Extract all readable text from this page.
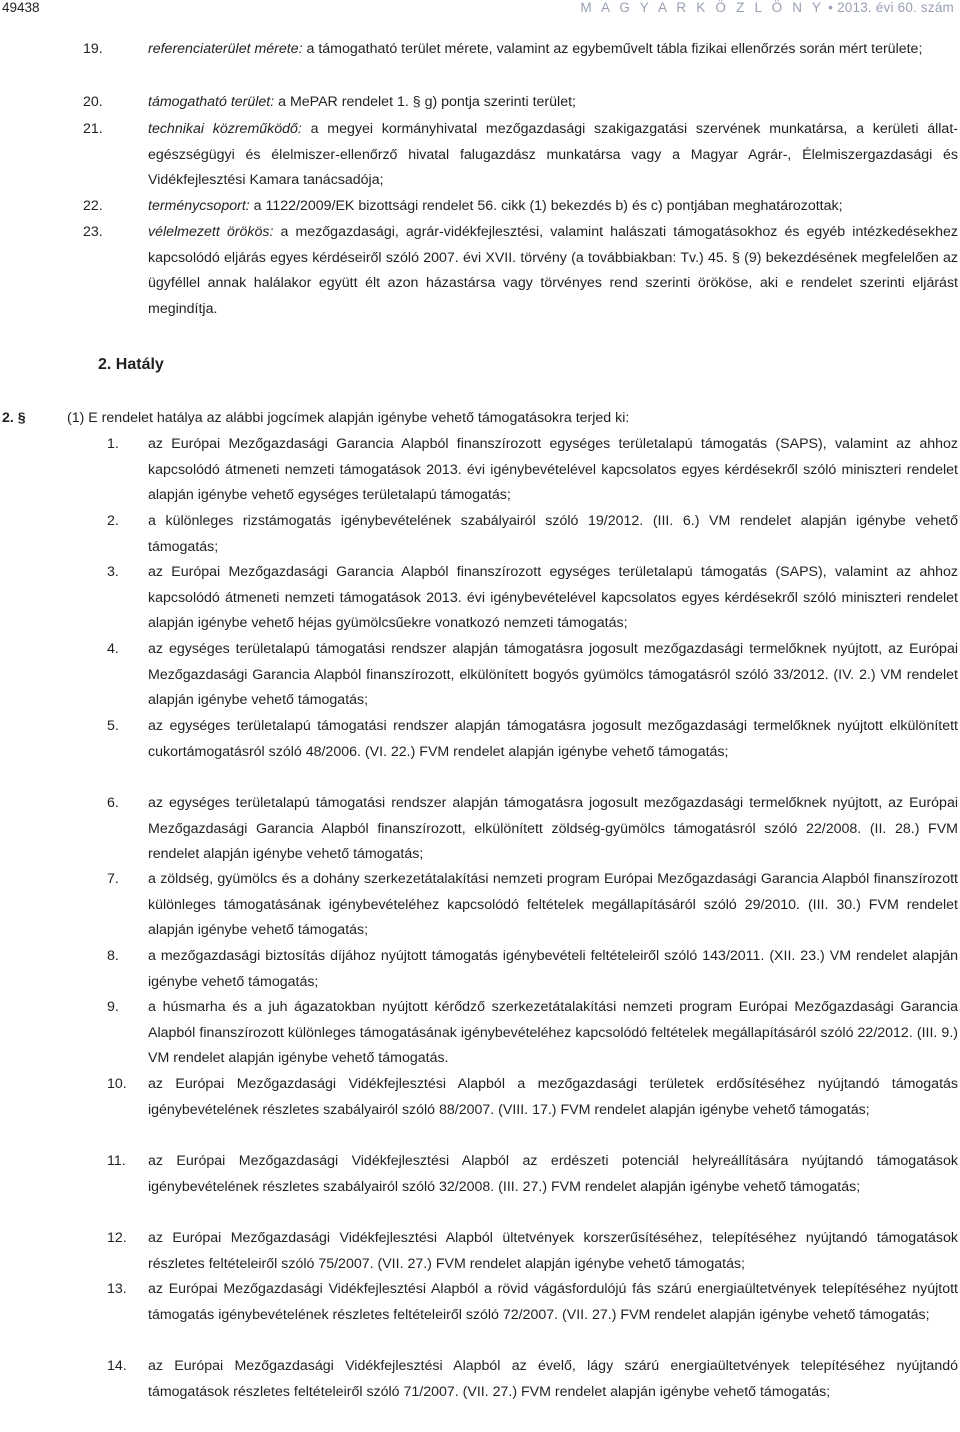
49438	M A G Y A R K Ö Z L Ö N Y • 2013. évi 60. szám
19.	referenciaterület mérete: a támogatható terület mérete, valamint az egybeművelt tábla fizikai ellenőrzés során mért területe;
20.	támogatható terület: a MePAR rendelet 1. § g) pontja szerinti terület;
21.	technikai közreműködő: a megyei kormányhivatal mezőgazdasági szakigazgatási szervének munkatársa, a kerületi állat-egészségügyi és élelmiszer-ellenőrző hivatal falugazdász munkatársa vagy a Magyar Agrár-, Élelmiszergazdasági és Vidékfejlesztési Kamara tanácsadója;
22.	terménycsoport: a 1122/2009/EK bizottsági rendelet 56. cikk (1) bekezdés b) és c) pontjában meghatározottak;
23.	vélelmezett örökös: a mezőgazdasági, agrár-vidékfejlesztési, valamint halászati támogatásokhoz és egyéb intézkedésekhez kapcsolódó eljárás egyes kérdéseiről szóló 2007. évi XVII. törvény (a továbbiakban: Tv.) 45. § (9) bekezdésének megfelelően az ügyféllel annak halálakor együtt élt azon házastársa vagy törvényes rend szerinti örököse, aki e rendelet szerinti eljárást megindítja.
2. Hatály
2. §	(1) E rendelet hatálya az alábbi jogcímek alapján igénybe vehető támogatásokra terjed ki:
1. az Európai Mezőgazdasági Garancia Alapból finanszírozott egységes területalapú támogatás (SAPS), valamint az ahhoz kapcsolódó átmeneti nemzeti támogatások 2013. évi igénybevételével kapcsolatos egyes kérdésekről szóló miniszteri rendelet alapján igénybe vehető egységes területalapú támogatás;
2. a különleges rizstámogatás igénybevételének szabályairól szóló 19/2012. (III. 6.) VM rendelet alapján igénybe vehető támogatás;
3. az Európai Mezőgazdasági Garancia Alapból finanszírozott egységes területalapú támogatás (SAPS), valamint az ahhoz kapcsolódó átmeneti nemzeti támogatások 2013. évi igénybevételével kapcsolatos egyes kérdésekről szóló miniszteri rendelet alapján igénybe vehető héjas gyümölcsűekre vonatkozó nemzeti támogatás;
4. az egységes területalapú támogatási rendszer alapján támogatásra jogosult mezőgazdasági termelőknek nyújtott, az Európai Mezőgazdasági Garancia Alapból finanszírozott, elkülönített bogyós gyümölcs támogatásról szóló 33/2012. (IV. 2.) VM rendelet alapján igénybe vehető támogatás;
5. az egységes területalapú támogatási rendszer alapján támogatásra jogosult mezőgazdasági termelőknek nyújtott elkülönített cukortámogatásról szóló 48/2006. (VI. 22.) FVM rendelet alapján igénybe vehető támogatás;
6. az egységes területalapú támogatási rendszer alapján támogatásra jogosult mezőgazdasági termelőknek nyújtott, az Európai Mezőgazdasági Garancia Alapból finanszírozott, elkülönített zöldség-gyümölcs támogatásról szóló 22/2008. (II. 28.) FVM rendelet alapján igénybe vehető támogatás;
7. a zöldség, gyümölcs és a dohány szerkezetátalakítási nemzeti program Európai Mezőgazdasági Garancia Alapból finanszírozott különleges támogatásának igénybevételéhez kapcsolódó feltételek megállapításáról szóló 29/2010. (III. 30.) FVM rendelet alapján igénybe vehető támogatás;
8. a mezőgazdasági biztosítás díjához nyújtott támogatás igénybevételi feltételeiről szóló 143/2011. (XII. 23.) VM rendelet alapján igénybe vehető támogatás;
9. a húsmarha és a juh ágazatokban nyújtott kérődző szerkezetátalakítási nemzeti program Európai Mezőgazdasági Garancia Alapból finanszírozott különleges támogatásának igénybevételéhez kapcsolódó feltételek megállapításáról szóló 22/2012. (III. 9.) VM rendelet alapján igénybe vehető támogatás.
10. az Európai Mezőgazdasági Vidékfejlesztési Alapból a mezőgazdasági területek erdősítéséhez nyújtandó támogatás igénybevételének részletes szabályairól szóló 88/2007. (VIII. 17.) FVM rendelet alapján igénybe vehető támogatás;
11. az Európai Mezőgazdasági Vidékfejlesztési Alapból az erdészeti potenciál helyreállítására nyújtandó támogatások igénybevételének részletes szabályairól szóló 32/2008. (III. 27.) FVM rendelet alapján igénybe vehető támogatás;
12. az Európai Mezőgazdasági Vidékfejlesztési Alapból ültetvények korszerűsítéséhez, telepítéséhez nyújtandó támogatások részletes feltételeiről szóló 75/2007. (VII. 27.) FVM rendelet alapján igénybe vehető támogatás;
13. az Európai Mezőgazdasági Vidékfejlesztési Alapból a rövid vágásfordulójú fás szárú energiaültetvények telepítéséhez nyújtott támogatás igénybevételének részletes feltételeiről szóló 72/2007. (VII. 27.) FVM rendelet alapján igénybe vehető támogatás;
14. az Európai Mezőgazdasági Vidékfejlesztési Alapból az évelő, lágy szárú energiaültetvények telepítéséhez nyújtandó támogatások részletes feltételeiről szóló 71/2007. (VII. 27.) FVM rendelet alapján igénybe vehető támogatás;
